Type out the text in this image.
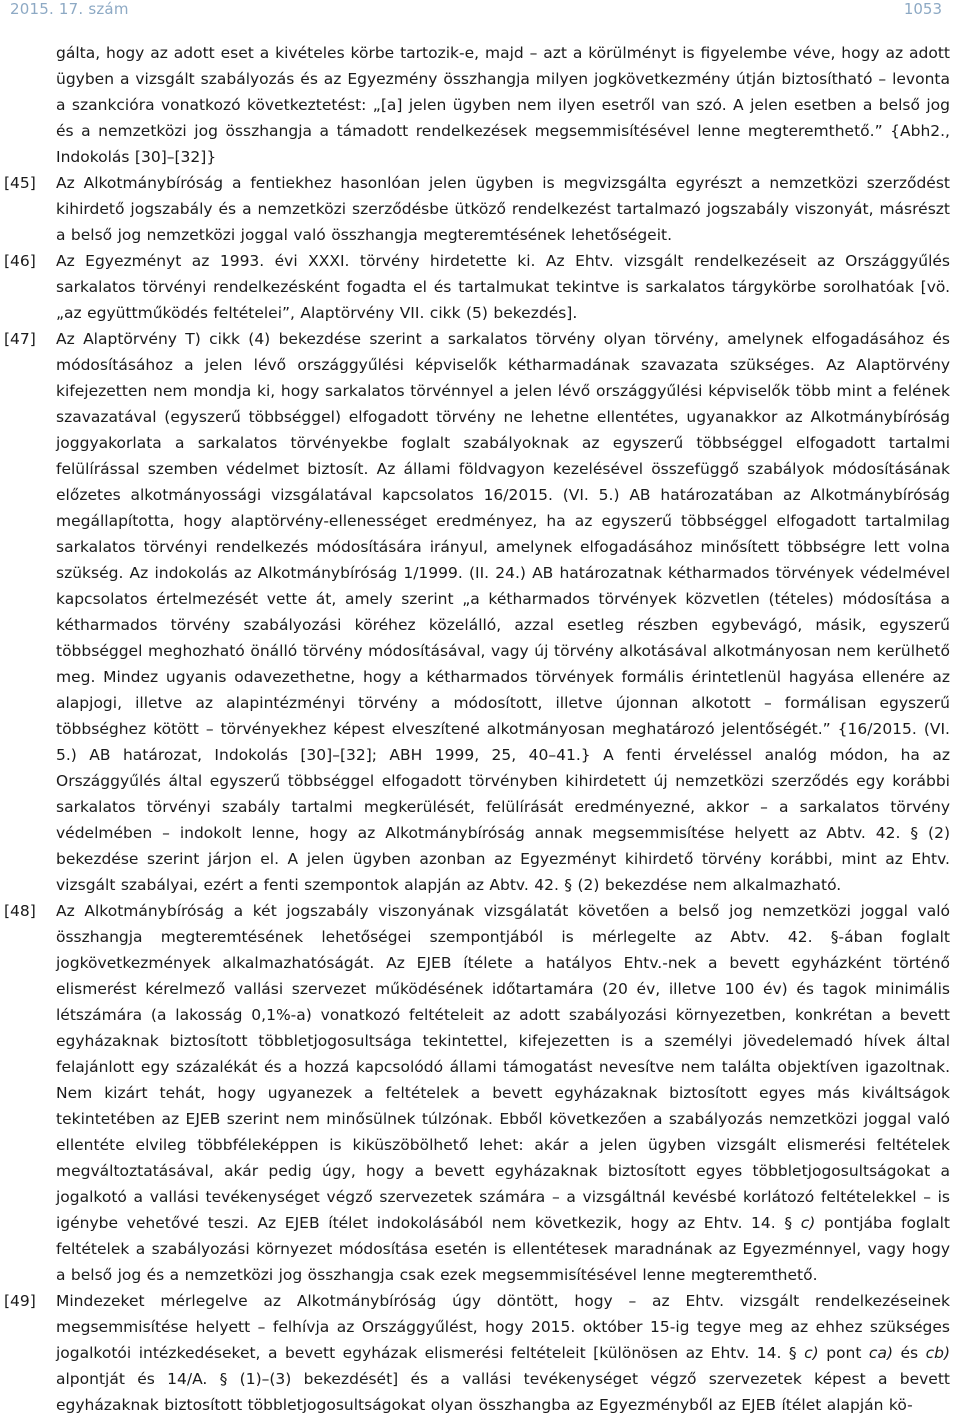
2015. 17. szám	1053
gálta, hogy az adott eset a kivételes körbe tartozik-e, majd – azt a körülményt is figyelembe véve, hogy az adott ügyben a vizsgált szabályozás és az Egyezmény összhangja milyen jogkövetkezmény útján biztosítható – levonta a szankcióra vonatkozó következtetést: „[a] jelen ügyben nem ilyen esetről van szó. A jelen esetben a belső jog és a nemzetközi jog összhangja a támadott rendelkezések megsemmisítésével lenne megteremthető.” {Abh2., Indokolás [30]–[32]}
[45] Az Alkotmánybíróság a fentiekhez hasonlóan jelen ügyben is megvizsgálta egyrészt a nemzetközi szerződést kihirdető jogszabály és a nemzetközi szerződésbe ütköző rendelkezést tartalmazó jogszabály viszonyát, másrészt a belső jog nemzetközi joggal való összhangja megteremtésének lehetőségeit.
[46] Az Egyezményt az 1993. évi XXXI. törvény hirdetette ki. Az Ehtv. vizsgált rendelkezéseit az Országgyűlés sarkalatos törvényi rendelkezésként fogadta el és tartalmukat tekintve is sarkalatos tárgykörbe sorolhatóak [vö. „az együttműködés feltételei”, Alaptörvény VII. cikk (5) bekezdés].
[47] Az Alaptörvény T) cikk (4) bekezdése szerint a sarkalatos törvény olyan törvény, amelynek elfogadásához és módosításához a jelen lévő országgyűlési képviselők kétharmadának szavazata szükséges. Az Alaptörvény kifejezetten nem mondja ki, hogy sarkalatos törvénnyel a jelen lévő országgyűlési képviselők több mint a felének szavazatával (egyszerű többséggel) elfogadott törvény ne lehetne ellentétes, ugyanakkor az Alkotmánybíróság joggyakorlata a sarkalatos törvényekbe foglalt szabályoknak az egyszerű többséggel elfogadott tartalmi felülírással szemben védelmet biztosít. Az állami földvagyon kezelésével összefüggő szabályok módosításának előzetes alkotmányossági vizsgálatával kapcsolatos 16/2015. (VI. 5.) AB határozatában az Alkotmánybíróság megállapította, hogy alaptörvény-ellenességet eredményez, ha az egyszerű többséggel elfogadott tartalmilag sarkalatos törvényi rendelkezés módosítására irányul, amelynek elfogadásához minősített többségre lett volna szükség. Az indokolás az Alkotmánybíróság 1/1999. (II. 24.) AB határozatnak kétharmados törvények védelmével kapcsolatos értelmezését vette át, amely szerint „a kétharmados törvények közvetlen (tételes) módosítása a kétharmados törvény szabályozási köréhez közelálló, azzal esetleg részben egybevágó, másik, egyszerű többséggel meghozható önálló törvény módosításával, vagy új törvény alkotásával alkotmányosan nem kerülhető meg. Mindez ugyanis odavezethetne, hogy a kétharmados törvények formális érintetlenül hagyása ellenére az alapjogi, illetve az alapintézményi törvény a módosított, illetve újonnan alkotott – formálisan egyszerű többséghez kötött – törvényekhez képest elveszítené alkotmányosan meghatározó jelentőségét.” {16/2015. (VI. 5.) AB határozat, Indokolás [30]–[32]; ABH 1999, 25, 40–41.} A fenti érveléssel analóg módon, ha az Országgyűlés által egyszerű többséggel elfogadott törvényben kihirdetett új nemzetközi szerződés egy korábbi sarkalatos törvényi szabály tartalmi megkerülését, felülírását eredményezné, akkor – a sarkalatos törvény védelmében – indokolt lenne, hogy az Alkotmánybíróság annak megsemmisítése helyett az Abtv. 42. § (2) bekezdése szerint járjon el. A jelen ügyben azonban az Egyezményt kihirdető törvény korábbi, mint az Ehtv. vizsgált szabályai, ezért a fenti szempontok alapján az Abtv. 42. § (2) bekezdése nem alkalmazható.
[48] Az Alkotmánybíróság a két jogszabály viszonyának vizsgálatát követően a belső jog nemzetközi joggal való összhangja megteremtésének lehetőségei szempontjából is mérlegelte az Abtv. 42. §-ában foglalt jogkövetkezmények alkalmazhatóságát. Az EJEB ítélete a hatályos Ehtv.-nek a bevett egyházként történő elismerést kérelmező vallási szervezet működésének időtartamára (20 év, illetve 100 év) és tagok minimális létszámára (a lakosság 0,1%-a) vonatkozó feltételeit az adott szabályozási környezetben, konkrétan a bevett egyházaknak biztosított többletjogosultsága tekintettel, kifejezetten is a személyi jövedelemadó hívek által felajánlott egy százalékát és a hozzá kapcsolódó állami támogatást nevesítve nem találta objektíven igazoltnak. Nem kizárt tehát, hogy ugyanezek a feltételek a bevett egyházaknak biztosított egyes más kiváltságok tekintetében az EJEB szerint nem minősülnek túlzónak. Ebből következően a szabályozás nemzetközi joggal való ellentéte elvileg többféleképpen is kiküszöbölhető lehet: akár a jelen ügyben vizsgált elismerési feltételek megváltoztatásával, akár pedig úgy, hogy a bevett egyházaknak biztosított egyes többletjogosultságokat a jogalkotó a vallási tevékenységet végző szervezetek számára – a vizsgáltnál kevésbé korlátozó feltételekkel – is igénybe vehetővé teszi. Az EJEB ítélet indokolásából nem következik, hogy az Ehtv. 14. § c) pontjába foglalt feltételek a szabályozási környezet módosítása esetén is ellentétesek maradnának az Egyezménnyel, vagy hogy a belső jog és a nemzetközi jog összhangja csak ezek megsemmisítésével lenne megteremthető.
[49] Mindezeket mérlegelve az Alkotmánybíróság úgy döntött, hogy – az Ehtv. vizsgált rendelkezéseinek megsemmisítése helyett – felhívja az Országgyűlést, hogy 2015. október 15-ig tegye meg az ehhez szükséges jogalkotói intézkedéseket, a bevett egyházak elismerési feltételeit [különösen az Ehtv. 14. § c) pont ca) és cb) alpontját és 14/A. § (1)–(3) bekezdését] és a vallási tevékenységet végző szervezetek képest a bevett egyházaknak biztosított többletjogosultságokat olyan összhangba az Egyezményből az EJEB ítélet alapján kö-
